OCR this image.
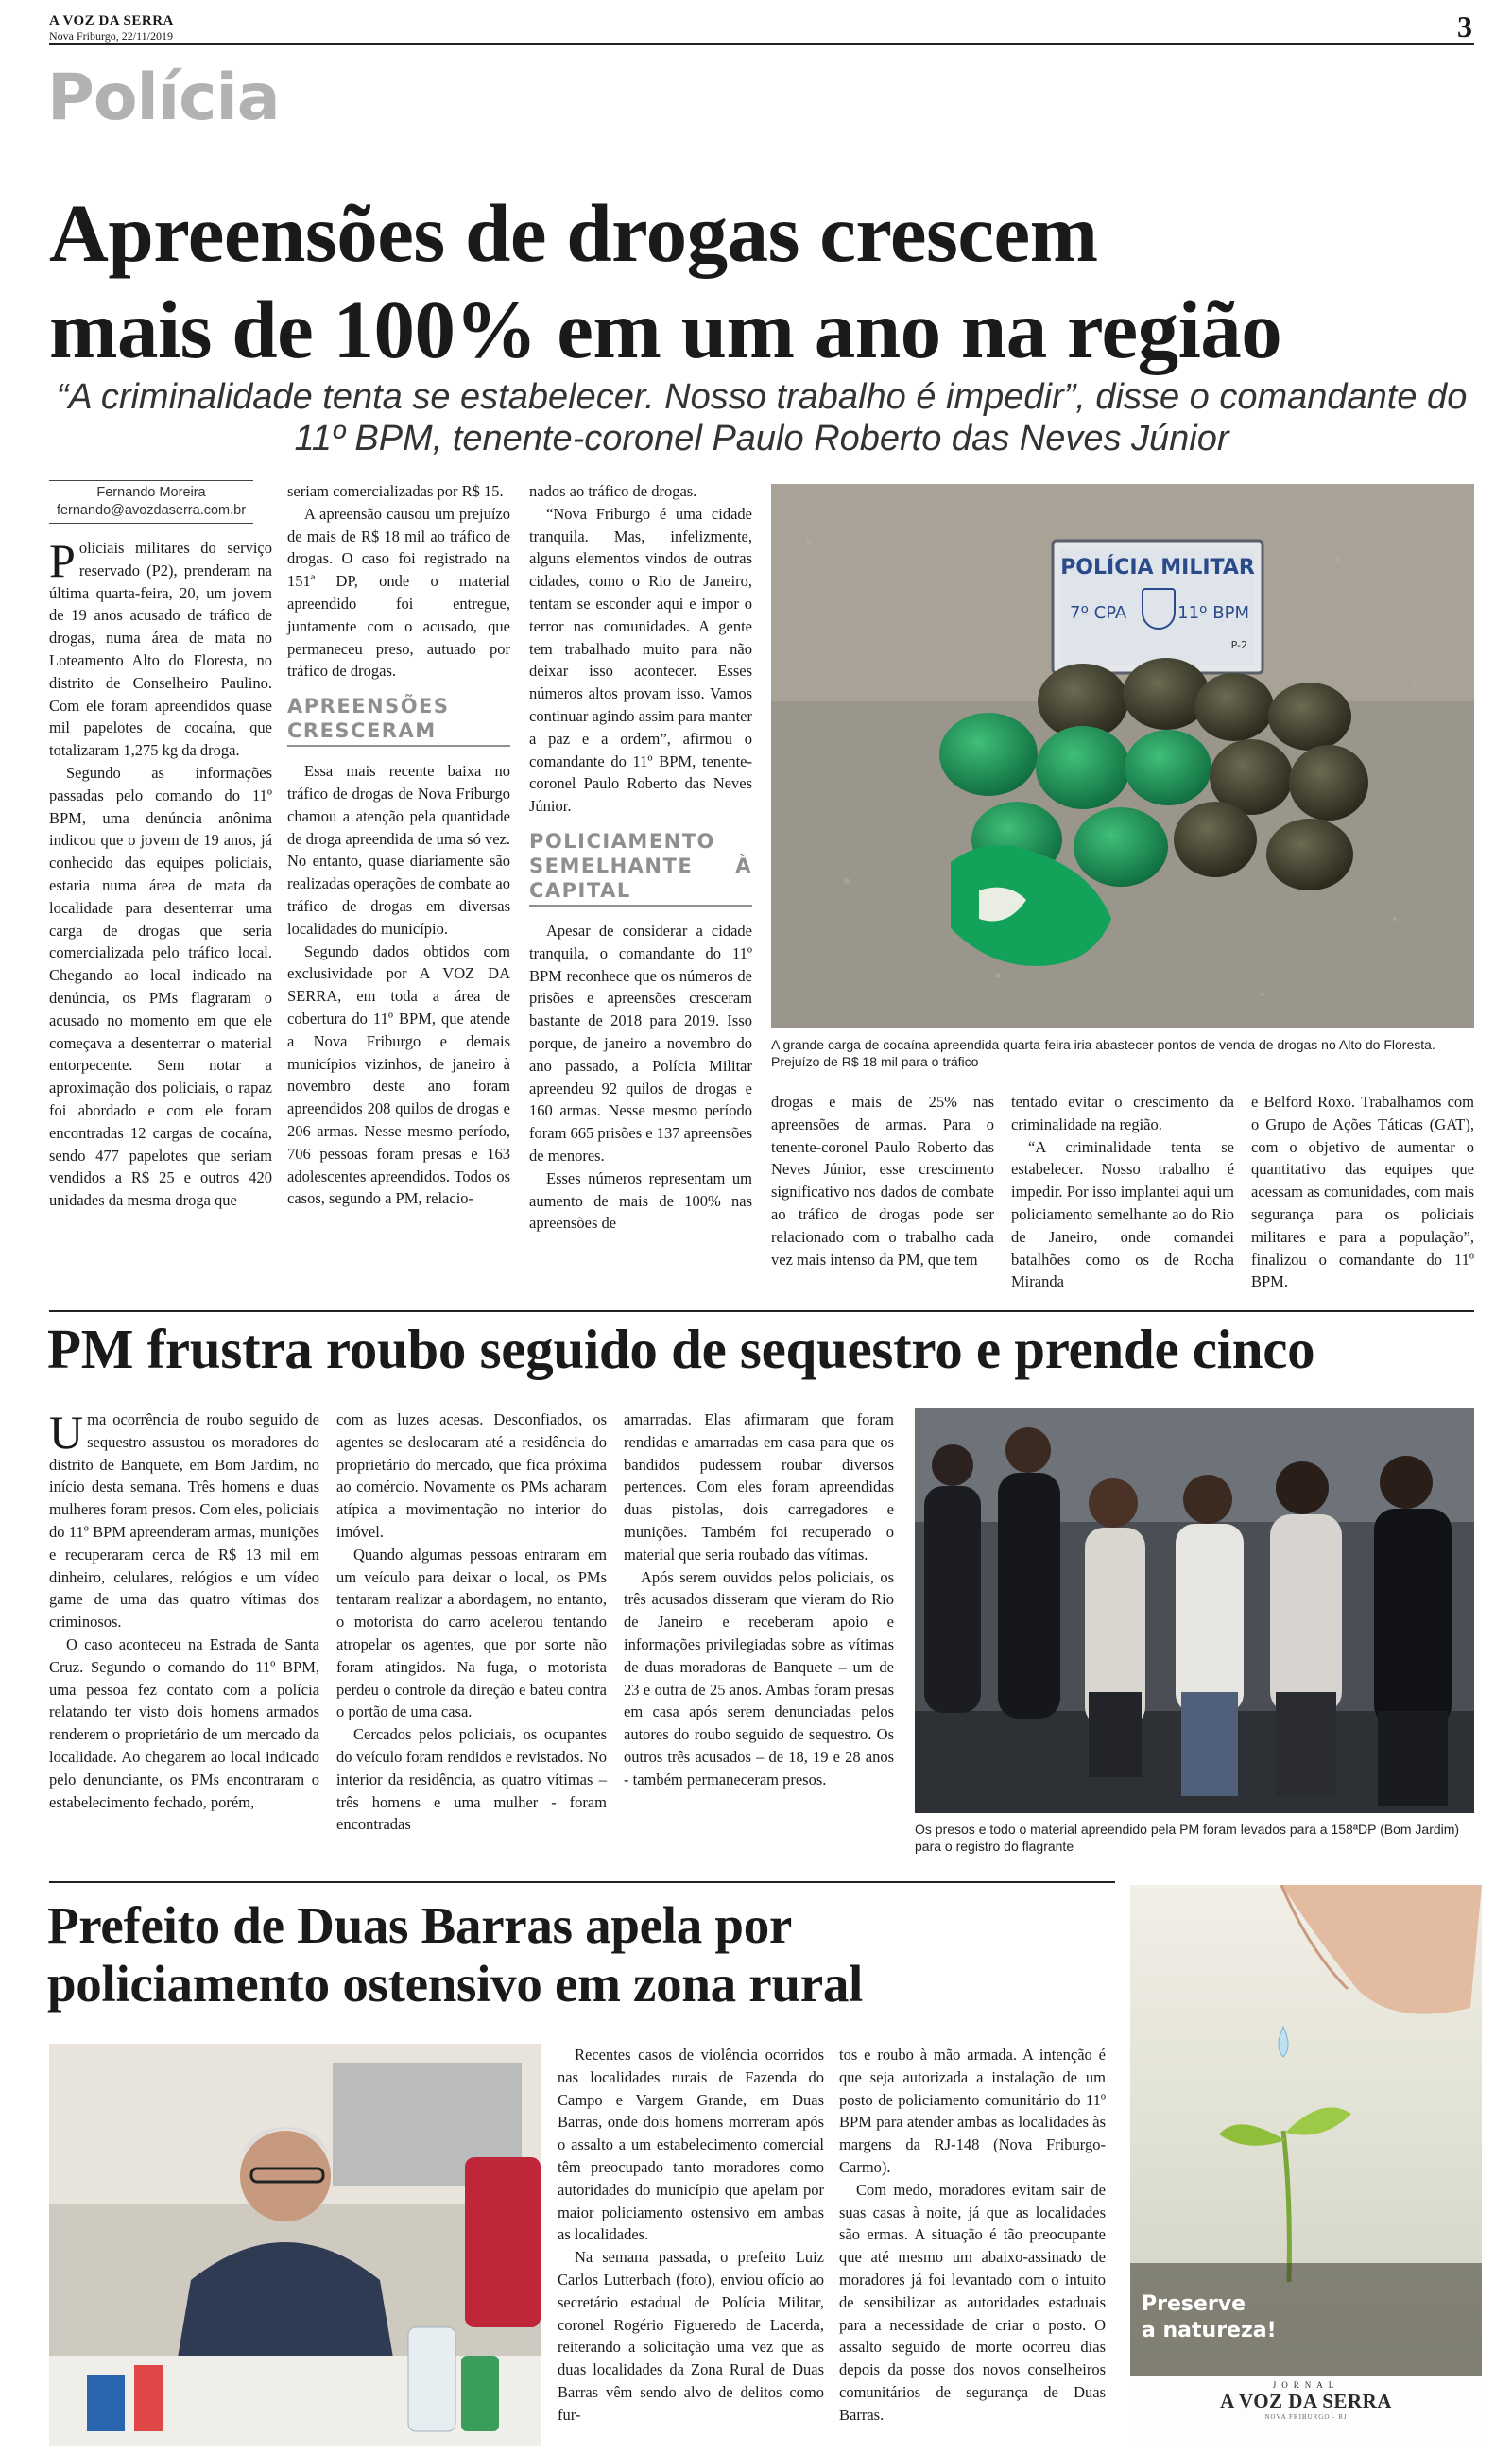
A VOZ DA SERRA
Nova Friburgo, 22/11/2019	3
Polícia
Apreensões de drogas crescem
mais de 100% em um ano na região
“A criminalidade tenta se estabelecer. Nosso trabalho é impedir”, disse o comandante do 11º BPM, tenente-coronel Paulo Roberto das Neves Júnior
Fernando Moreira
fernando@avozdaserra.com.br

Policiais militares do serviço reservado (P2), prenderam na última quarta-feira, 20, um jovem de 19 anos acusado de tráfico de drogas, numa área de mata no Loteamento Alto do Floresta, no distrito de Conselheiro Paulino. Com ele foram apreendidos quase mil papelotes de cocaína, que totalizaram 1,275 kg da droga.

Segundo as informações passadas pelo comando do 11º BPM, uma denúncia anônima indicou que o jovem de 19 anos, já conhecido das equipes policiais, estaria numa área de mata da localidade para desenterrar uma carga de drogas que seria comercializada pelo tráfico local. Chegando ao local indicado na denúncia, os PMs flagraram o acusado no momento em que ele começava a desenterrar o material entorpecente. Sem notar a aproximação dos policiais, o rapaz foi abordado e com ele foram encontradas 12 cargas de cocaína, sendo 477 papelotes que seriam vendidos a R$ 25 e outros 420 unidades da mesma droga que

seriam comercializadas por R$ 15.

A apreensão causou um prejuízo de mais de R$ 18 mil ao tráfico de drogas. O caso foi registrado na 151ª DP, onde o material apreendido foi entregue, juntamente com o acusado, que permaneceu preso, autuado por tráfico de drogas.

APREENSÕES CRESCERAM

Essa mais recente baixa no tráfico de drogas de Nova Friburgo chamou a atenção pela quantidade de droga apreendida de uma só vez. No entanto, quase diariamente são realizadas operações de combate ao tráfico de drogas em diversas localidades do município.

Segundo dados obtidos com exclusividade por A VOZ DA SERRA, em toda a área de cobertura do 11º BPM, que atende a Nova Friburgo e demais municípios vizinhos, de janeiro à novembro deste ano foram apreendidos 208 quilos de drogas e 206 armas. Nesse mesmo período, 706 pessoas foram presas e 163 adolescentes apreendidos. Todos os casos, segundo a PM, relacio-

nados ao tráfico de drogas.

“Nova Friburgo é uma cidade tranquila. Mas, infelizmente, alguns elementos vindos de outras cidades, como o Rio de Janeiro, tentam se esconder aqui e impor o terror nas comunidades. A gente tem trabalhado muito para não deixar isso acontecer. Esses números altos provam isso. Vamos continuar agindo assim para manter a paz e a ordem”, afirmou o comandante do 11º BPM, tenente-coronel Paulo Roberto das Neves Júnior.

POLICIAMENTO SEMELHANTE À CAPITAL

Apesar de considerar a cidade tranquila, o comandante do 11º BPM reconhece que os números de prisões e apreensões cresceram bastante de 2018 para 2019. Isso porque, de janeiro a novembro do ano passado, a Polícia Militar apreendeu 92 quilos de drogas e 160 armas. Nesse mesmo período foram 665 prisões e 137 apreensões de menores.

Esses números representam um aumento de mais de 100% nas apreensões de

POLÍCIA MILITAR
7º CPA	11º BPM
P-2
A grande carga de cocaína apreendida quarta-feira iria abastecer pontos de venda de drogas no Alto do Floresta. Prejuízo de R$ 18 mil para o tráfico

drogas e mais de 25% nas apreensões de armas. Para o tenente-coronel Paulo Roberto das Neves Júnior, esse crescimento significativo nos dados de combate ao tráfico de drogas pode ser relacionado com o trabalho cada vez mais intenso da PM, que tem

tentado evitar o crescimento da criminalidade na região.

“A criminalidade tenta se estabelecer. Nosso trabalho é impedir. Por isso implantei aqui um policiamento semelhante ao do Rio de Janeiro, onde comandei batalhões como os de Rocha Miranda

e Belford Roxo. Trabalhamos com o Grupo de Ações Táticas (GAT), com o objetivo de aumentar o quantitativo das equipes que acessam as comunidades, com mais segurança para os policiais militares e para a população”, finalizou o comandante do 11º BPM.

PM frustra roubo seguido de sequestro e prende cinco

Uma ocorrência de roubo seguido de sequestro assustou os moradores do distrito de Banquete, em Bom Jardim, no início desta semana. Três homens e duas mulheres foram presos. Com eles, policiais do 11º BPM apreenderam armas, munições e recuperaram cerca de R$ 13 mil em dinheiro, celulares, relógios e um vídeo game de uma das quatro vítimas dos criminosos.

O caso aconteceu na Estrada de Santa Cruz. Segundo o comando do 11º BPM, uma pessoa fez contato com a polícia relatando ter visto dois homens armados renderem o proprietário de um mercado da localidade. Ao chegarem ao local indicado pelo denunciante, os PMs encontraram o estabelecimento fechado, porém,

com as luzes acesas. Desconfiados, os agentes se deslocaram até a residência do proprietário do mercado, que fica próxima ao comércio. Novamente os PMs acharam atípica a movimentação no interior do imóvel.

Quando algumas pessoas entraram em um veículo para deixar o local, os PMs tentaram realizar a abordagem, no entanto, o motorista do carro acelerou tentando atropelar os agentes, que por sorte não foram atingidos. Na fuga, o motorista perdeu o controle da direção e bateu contra o portão de uma casa.

Cercados pelos policiais, os ocupantes do veículo foram rendidos e revistados. No interior da residência, as quatro vítimas – três homens e uma mulher - foram encontradas

amarradas. Elas afirmaram que foram rendidas e amarradas em casa para que os bandidos pudessem roubar diversos pertences. Com eles foram apreendidas duas pistolas, dois carregadores e munições. Também foi recuperado o material que seria roubado das vítimas.

Após serem ouvidos pelos policiais, os três acusados disseram que vieram do Rio de Janeiro e receberam apoio e informações privilegiadas sobre as vítimas de duas moradoras de Banquete – um de 23 e outra de 25 anos. Ambas foram presas em casa após serem denunciadas pelos autores do roubo seguido de sequestro. Os outros três acusados – de 18, 19 e 28 anos - também permaneceram presos.

Os presos e todo o material apreendido pela PM foram levados para a 158ªDP (Bom Jardim) para o registro do flagrante
Prefeito de Duas Barras apela por
policiamento ostensivo em zona rural

Recentes casos de violência ocorridos nas localidades rurais de Fazenda do Campo e Vargem Grande, em Duas Barras, onde dois homens morreram após o assalto a um estabelecimento comercial têm preocupado tanto moradores como autoridades do município que apelam por maior policiamento ostensivo em ambas as localidades.

Na semana passada, o prefeito Luiz Carlos Lutterbach (foto), enviou ofício ao secretário estadual de Polícia Militar, coronel Rogério Figueredo de Lacerda, reiterando a solicitação uma vez que as duas localidades da Zona Rural de Duas Barras vêm sendo alvo de delitos como fur-

tos e roubo à mão armada. A intenção é que seja autorizada a instalação de um posto de policiamento comunitário do 11º BPM para atender ambas as localidades às margens da RJ-148 (Nova Friburgo-Carmo).

Com medo, moradores evitam sair de suas casas à noite, já que as localidades são ermas. A situação é tão preocupante que até mesmo um abaixo-assinado de moradores já foi levantado com o intuito de sensibilizar as autoridades estaduais para a necessidade de criar o posto. O assalto seguido de morte ocorreu dias depois da posse dos novos conselheiros comunitários de segurança de Duas Barras.

Preserve
a natureza!
JORNAL
A VOZ DA SERRA
NOVA FRIBURGO - RJ
